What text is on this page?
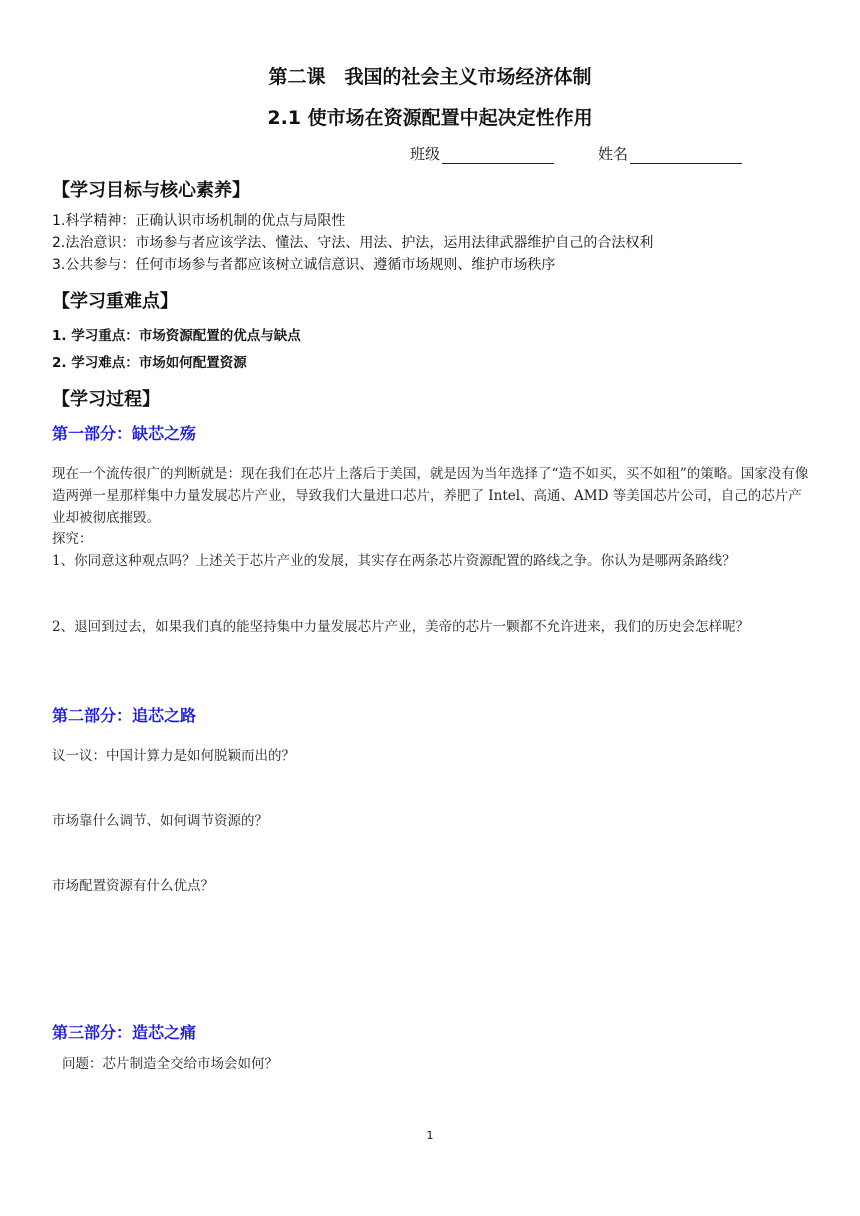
第二课　我国的社会主义市场经济体制
2.1 使市场在资源配置中起决定性作用
班级	姓名
【学习目标与核心素养】
1.科学精神：正确认识市场机制的优点与局限性
2.法治意识：市场参与者应该学法、懂法、守法、用法、护法，运用法律武器维护自己的合法权利
3.公共参与：任何市场参与者都应该树立诚信意识、遵循市场规则、维护市场秩序
【学习重难点】
1. 学习重点：市场资源配置的优点与缺点
2. 学习难点：市场如何配置资源
【学习过程】
第一部分：缺芯之殇
现在一个流传很广的判断就是：现在我们在芯片上落后于美国，就是因为当年选择了“造不如买，买不如租”的策略。国家没有像造两弹一星那样集中力量发展芯片产业，导致我们大量进口芯片，养肥了 Intel、高通、AMD 等美国芯片公司，自己的芯片产业却被彻底摧毁。
探究：
1、你同意这种观点吗？上述关于芯片产业的发展，其实存在两条芯片资源配置的路线之争。你认为是哪两条路线？
2、退回到过去，如果我们真的能坚持集中力量发展芯片产业，美帝的芯片一颗都不允许进来，我们的历史会怎样呢？
第二部分：追芯之路
议一议：中国计算力是如何脱颖而出的？
市场靠什么调节、如何调节资源的？
市场配置资源有什么优点？
第三部分：造芯之痛
问题：芯片制造全交给市场会如何？
1
